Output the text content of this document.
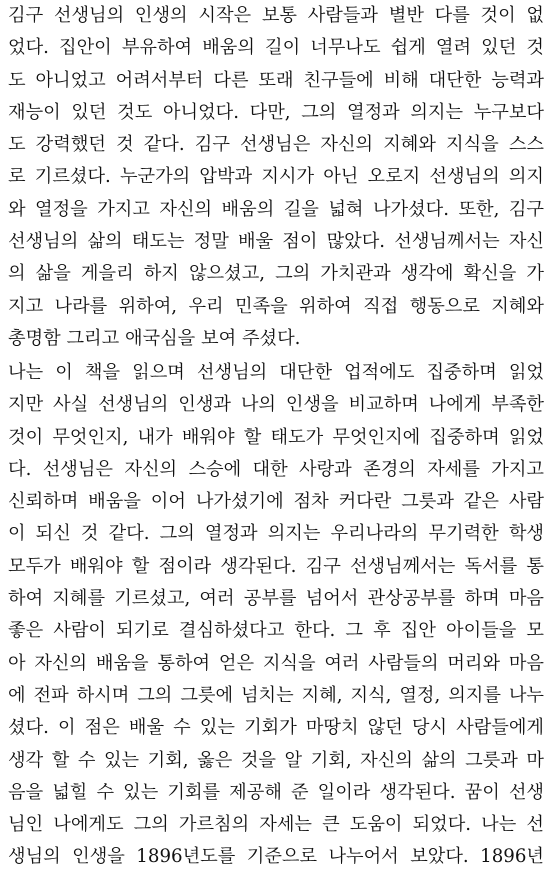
김구 선생님의 인생의 시작은 보통 사람들과 별반 다를 것이 없
었다. 집안이 부유하여 배움의 길이 너무나도 쉽게 열려 있던 것
도 아니었고 어려서부터 다른 또래 친구들에 비해 대단한 능력과
재능이 있던 것도 아니었다. 다만, 그의 열정과 의지는 누구보다
도 강력했던 것 같다. 김구 선생님은 자신의 지혜와 지식을 스스
로 기르셨다. 누군가의 압박과 지시가 아닌 오로지 선생님의 의지
와 열정을 가지고 자신의 배움의 길을 넓혀 나가셨다. 또한, 김구
선생님의 삶의 태도는 정말 배울 점이 많았다. 선생님께서는 자신
의 삶을 게을리 하지 않으셨고, 그의 가치관과 생각에 확신을 가
지고 나라를 위하여, 우리 민족을 위하여 직접 행동으로 지혜와
총명함 그리고 애국심을 보여 주셨다.
나는 이 책을 읽으며 선생님의 대단한 업적에도 집중하며 읽었
지만 사실 선생님의 인생과 나의 인생을 비교하며 나에게 부족한
것이 무엇인지, 내가 배워야 할 태도가 무엇인지에 집중하며 읽었
다. 선생님은 자신의 스승에 대한 사랑과 존경의 자세를 가지고
신뢰하며 배움을 이어 나가셨기에 점차 커다란 그릇과 같은 사람
이 되신 것 같다. 그의 열정과 의지는 우리나라의 무기력한 학생
모두가 배워야 할 점이라 생각된다. 김구 선생님께서는 독서를 통
하여 지혜를 기르셨고, 여러 공부를 넘어서 관상공부를 하며 마음
좋은 사람이 되기로 결심하셨다고 한다. 그 후 집안 아이들을 모
아 자신의 배움을 통하여 얻은 지식을 여러 사람들의 머리와 마음
에 전파 하시며 그의 그릇에 넘치는 지혜, 지식, 열정, 의지를 나누
셨다. 이 점은 배울 수 있는 기회가 마땅치 않던 당시 사람들에게
생각 할 수 있는 기회, 옳은 것을 알 기회, 자신의 삶의 그릇과 마
음을 넓힐 수 있는 기회를 제공해 준 일이라 생각된다. 꿈이 선생
님인 나에게도 그의 가르침의 자세는 큰 도움이 되었다. 나는 선
생님의 인생을 1896년도를 기준으로 나누어서 보았다. 1896년
